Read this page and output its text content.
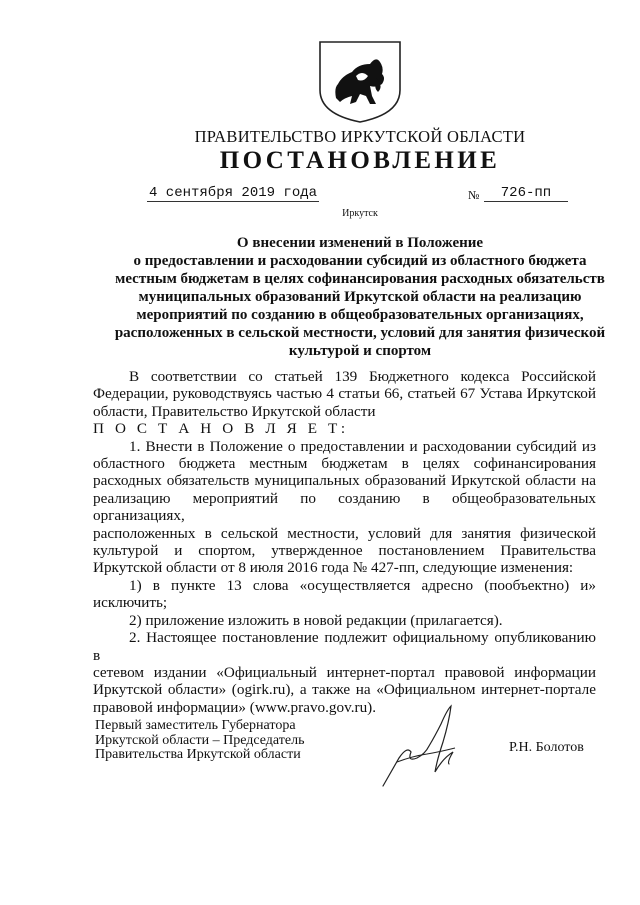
ПРАВИТЕЛЬСТВО ИРКУТСКОЙ ОБЛАСТИ
ПОСТАНОВЛЕНИЕ
4 сентября 2019 года	№	726-пп
Иркутск
О внесении изменений в Положение
о предоставлении и расходовании субсидий из областного бюджета
местным бюджетам в целях софинансирования расходных обязательств
муниципальных образований Иркутской области на реализацию
мероприятий по созданию в общеобразовательных организациях,
расположенных в сельской местности, условий для занятия физической
культурой и спортом
В соответствии со статьей 139 Бюджетного кодекса Российской
Федерации, руководствуясь частью 4 статьи 66, статьей 67 Устава Иркутской
области, Правительство Иркутской области
П О С Т А Н О В Л Я Е Т:
1. Внести в Положение о предоставлении и расходовании субсидий из
областного бюджета местным бюджетам в целях софинансирования
расходных обязательств муниципальных образований Иркутской области на
реализацию мероприятий по созданию в общеобразовательных организациях,
расположенных в сельской местности, условий для занятия физической
культурой и спортом, утвержденное постановлением Правительства
Иркутской области от 8 июля 2016 года № 427-пп, следующие изменения:
1) в пункте 13 слова «осуществляется адресно (пообъектно) и»
исключить;
2) приложение изложить в новой редакции (прилагается).
2. Настоящее постановление подлежит официальному опубликованию в
сетевом издании «Официальный интернет-портал правовой информации
Иркутской области» (ogirk.ru), а также на «Официальном интернет-портале
правовой информации» (www.pravo.gov.ru).
Первый заместитель Губернатора
Иркутской области – Председатель
Правительства Иркутской области	Р.Н. Болотов
